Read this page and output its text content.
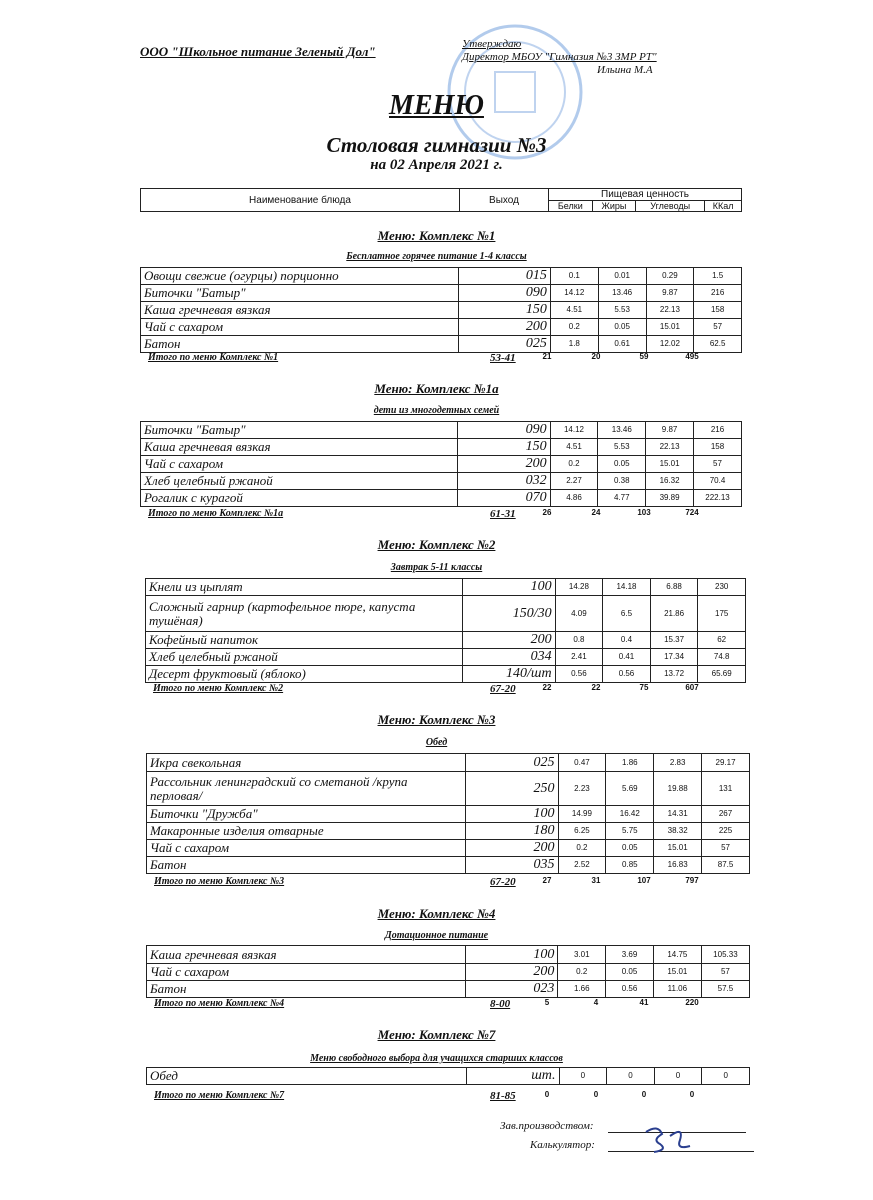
ООО "Школьное питание Зеленый Дол"	Утверждаю
Директор МБОУ "Гимназия №3 ЗМР РТ"
Ильина М.А
МЕНЮ
Столовая гимназии №3
на 02 Апреля 2021 г.
Наименование блюда	Выход	Пищевая ценность			
		Белки	Жиры	Углеводы	ККал
Меню: Комплекс №1
Бесплатное горячее питание 1-4 классы
Овощи свежие (огурцы) порционно	015	0.1	0.01	0.29	1.5
Биточки "Батыр"	090	14.12	13.46	9.87	216
Каша гречневая вязкая	150	4.51	5.53	22.13	158
Чай с сахаром	200	0.2	0.05	15.01	57
Батон	025	1.8	0.61	12.02	62.5
Итого по меню Комплекс №1	53-41	21	20	59	495
Меню: Комплекс №1а
дети из многодетных семей
Биточки "Батыр"	090	14.12	13.46	9.87	216
Каша гречневая вязкая	150	4.51	5.53	22.13	158
Чай с сахаром	200	0.2	0.05	15.01	57
Хлеб целебный ржаной	032	2.27	0.38	16.32	70.4
Рогалик с курагой	070	4.86	4.77	39.89	222.13
Итого по меню Комплекс №1а	61-31	26	24	103	724
Меню: Комплекс №2
Завтрак 5-11 классы
Кнели из цыплят	100	14.28	14.18	6.88	230
Сложный гарнир (картофельное пюре, капуста тушёная)	150/30	4.09	6.5	21.86	175
Кофейный напиток	200	0.8	0.4	15.37	62
Хлеб целебный ржаной	034	2.41	0.41	17.34	74.8
Десерт фруктовый (яблоко)	140/шт	0.56	0.56	13.72	65.69
Итого по меню Комплекс №2	67-20	22	22	75	607
Меню: Комплекс №3
Обед
Икра свекольная	025	0.47	1.86	2.83	29.17
Рассольник ленинградский со сметаной /крупа перловая/	250	2.23	5.69	19.88	131
Биточки "Дружба"	100	14.99	16.42	14.31	267
Макаронные изделия отварные	180	6.25	5.75	38.32	225
Чай с сахаром	200	0.2	0.05	15.01	57
Батон	035	2.52	0.85	16.83	87.5
Итого по меню Комплекс №3	67-20	27	31	107	797
Меню: Комплекс №4
Дотационное питание
Каша гречневая вязкая	100	3.01	3.69	14.75	105.33
Чай с сахаром	200	0.2	0.05	15.01	57
Батон	023	1.66	0.56	11.06	57.5
Итого по меню Комплекс №4	8-00	5	4	41	220
Меню: Комплекс №7
Меню свободного выбора для учащихся старших классов
Обед	шт.	0	0	0	0
Итого по меню Комплекс №7	81-85	0	0	0	0
Зав.производством:
Калькулятор:
